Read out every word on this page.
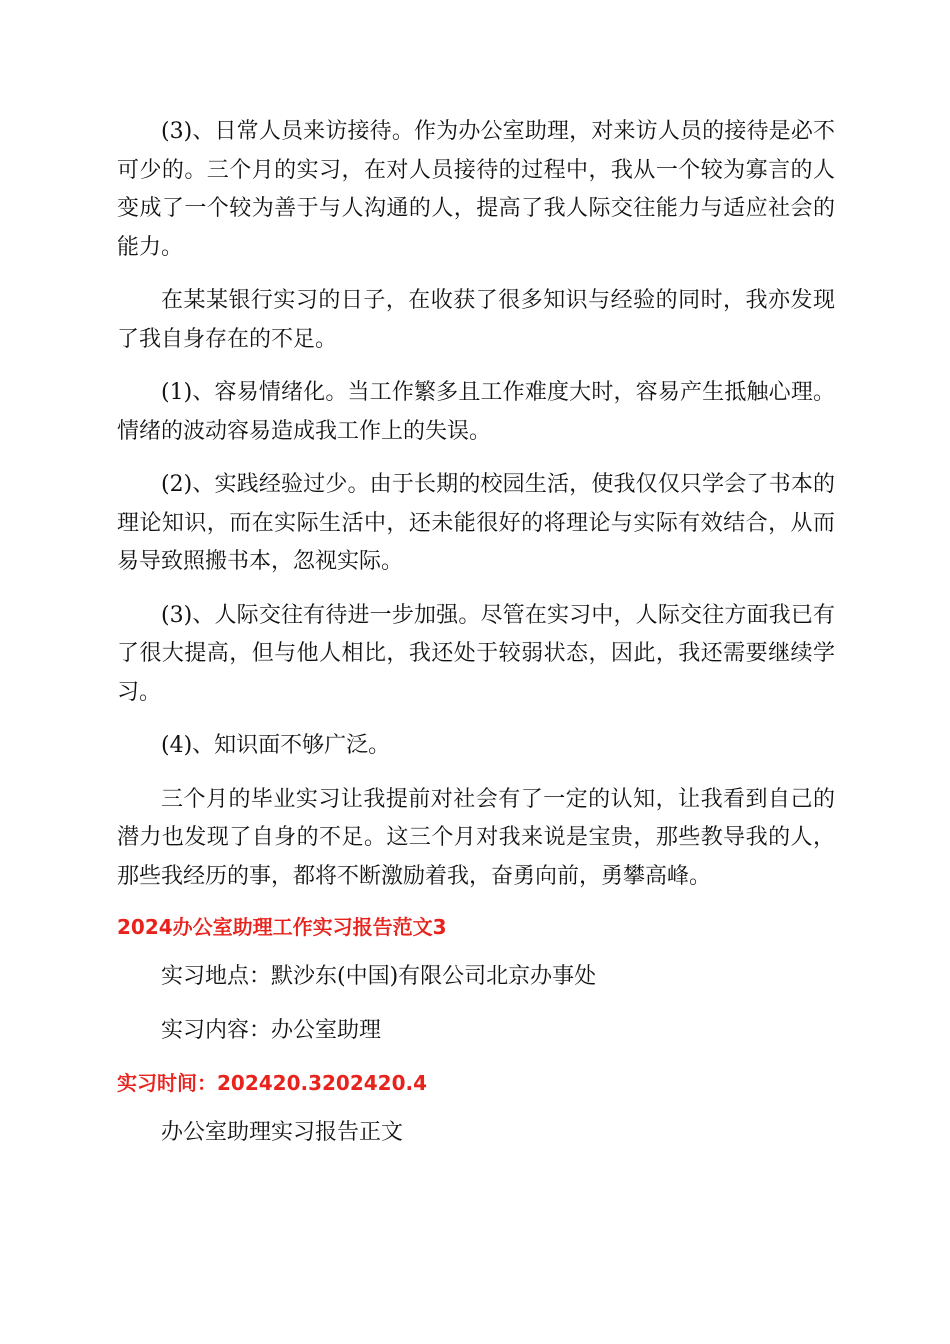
(3)、日常人员来访接待。作为办公室助理，对来访人员的接待是必不可少的。三个月的实习，在对人员接待的过程中，我从一个较为寡言的人变成了一个较为善于与人沟通的人，提高了我人际交往能力与适应社会的能力。

在某某银行实习的日子，在收获了很多知识与经验的同时，我亦发现了我自身存在的不足。

(1)、容易情绪化。当工作繁多且工作难度大时，容易产生抵触心理。情绪的波动容易造成我工作上的失误。

(2)、实践经验过少。由于长期的校园生活，使我仅仅只学会了书本的理论知识，而在实际生活中，还未能很好的将理论与实际有效结合，从而易导致照搬书本，忽视实际。

(3)、人际交往有待进一步加强。尽管在实习中，人际交往方面我已有了很大提高，但与他人相比，我还处于较弱状态，因此，我还需要继续学习。

(4)、知识面不够广泛。

三个月的毕业实习让我提前对社会有了一定的认知，让我看到自己的潜力也发现了自身的不足。这三个月对我来说是宝贵，那些教导我的人，那些我经历的事，都将不断激励着我，奋勇向前，勇攀高峰。

2024办公室助理工作实习报告范文3

实习地点：默沙东(中国)有限公司北京办事处

实习内容：办公室助理

实习时间：202420.3202420.4

办公室助理实习报告正文
